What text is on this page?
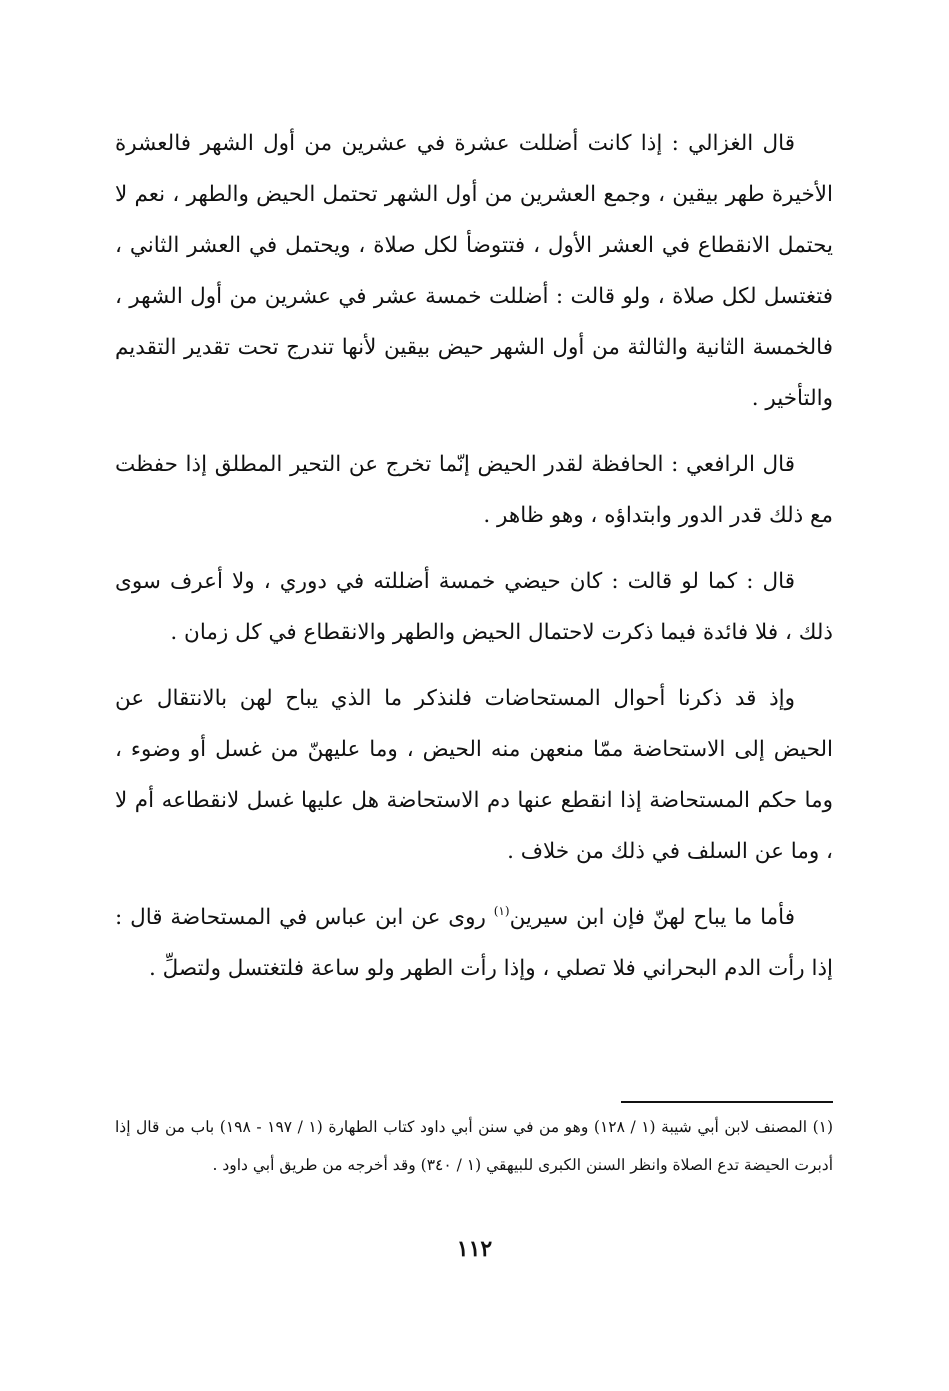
قال الغزالي : إذا كانت أضللت عشرة في عشرين من أول الشهر فالعشرة الأخيرة طهر بيقين ، وجمع العشرين من أول الشهر تحتمل الحيض والطهر ، نعم لا يحتمل الانقطاع في العشر الأول ، فتتوضأ لكل صلاة ، ويحتمل في العشر الثاني ، فتغتسل لكل صلاة ، ولو قالت : أضللت خمسة عشر في عشرين من أول الشهر ، فالخمسة الثانية والثالثة من أول الشهر حيض بيقين لأنها تندرج تحت تقدير التقديم والتأخير .

قال الرافعي : الحافظة لقدر الحيض إنّما تخرج عن التحير المطلق إذا حفظت مع ذلك قدر الدور وابتداؤه ، وهو ظاهر .

قال : كما لو قالت : كان حيضي خمسة أضللته في دوري ، ولا أعرف سوى ذلك ، فلا فائدة فيما ذكرت لاحتمال الحيض والطهر والانقطاع في كل زمان .

وإذ قد ذكرنا أحوال المستحاضات فلنذكر ما الذي يباح لهن بالانتقال عن الحيض إلى الاستحاضة ممّا منعهن منه الحيض ، وما عليهنّ من غسل أو وضوء ، وما حكم المستحاضة إذا انقطع عنها دم الاستحاضة هل عليها غسل لانقطاعه أم لا ، وما عن السلف في ذلك من خلاف .

فأما ما يباح لهنّ فإن ابن سيرين$^{(١)}$ روى عن ابن عباس في المستحاضة قال : إذا رأت الدم البحراني فلا تصلي ، وإذا رأت الطهر ولو ساعة فلتغتسل ولتصلِّ .

(١) المصنف لابن أبي شيبة (١ / ١٢٨) وهو من في سنن أبي داود كتاب الطهارة (١ / ١٩٧ - ١٩٨) باب من قال إذا أدبرت الحيضة تدع الصلاة وانظر السنن الكبرى للبيهقي (١ / ٣٤٠) وقد أخرجه من طريق أبي داود .

١١٢
